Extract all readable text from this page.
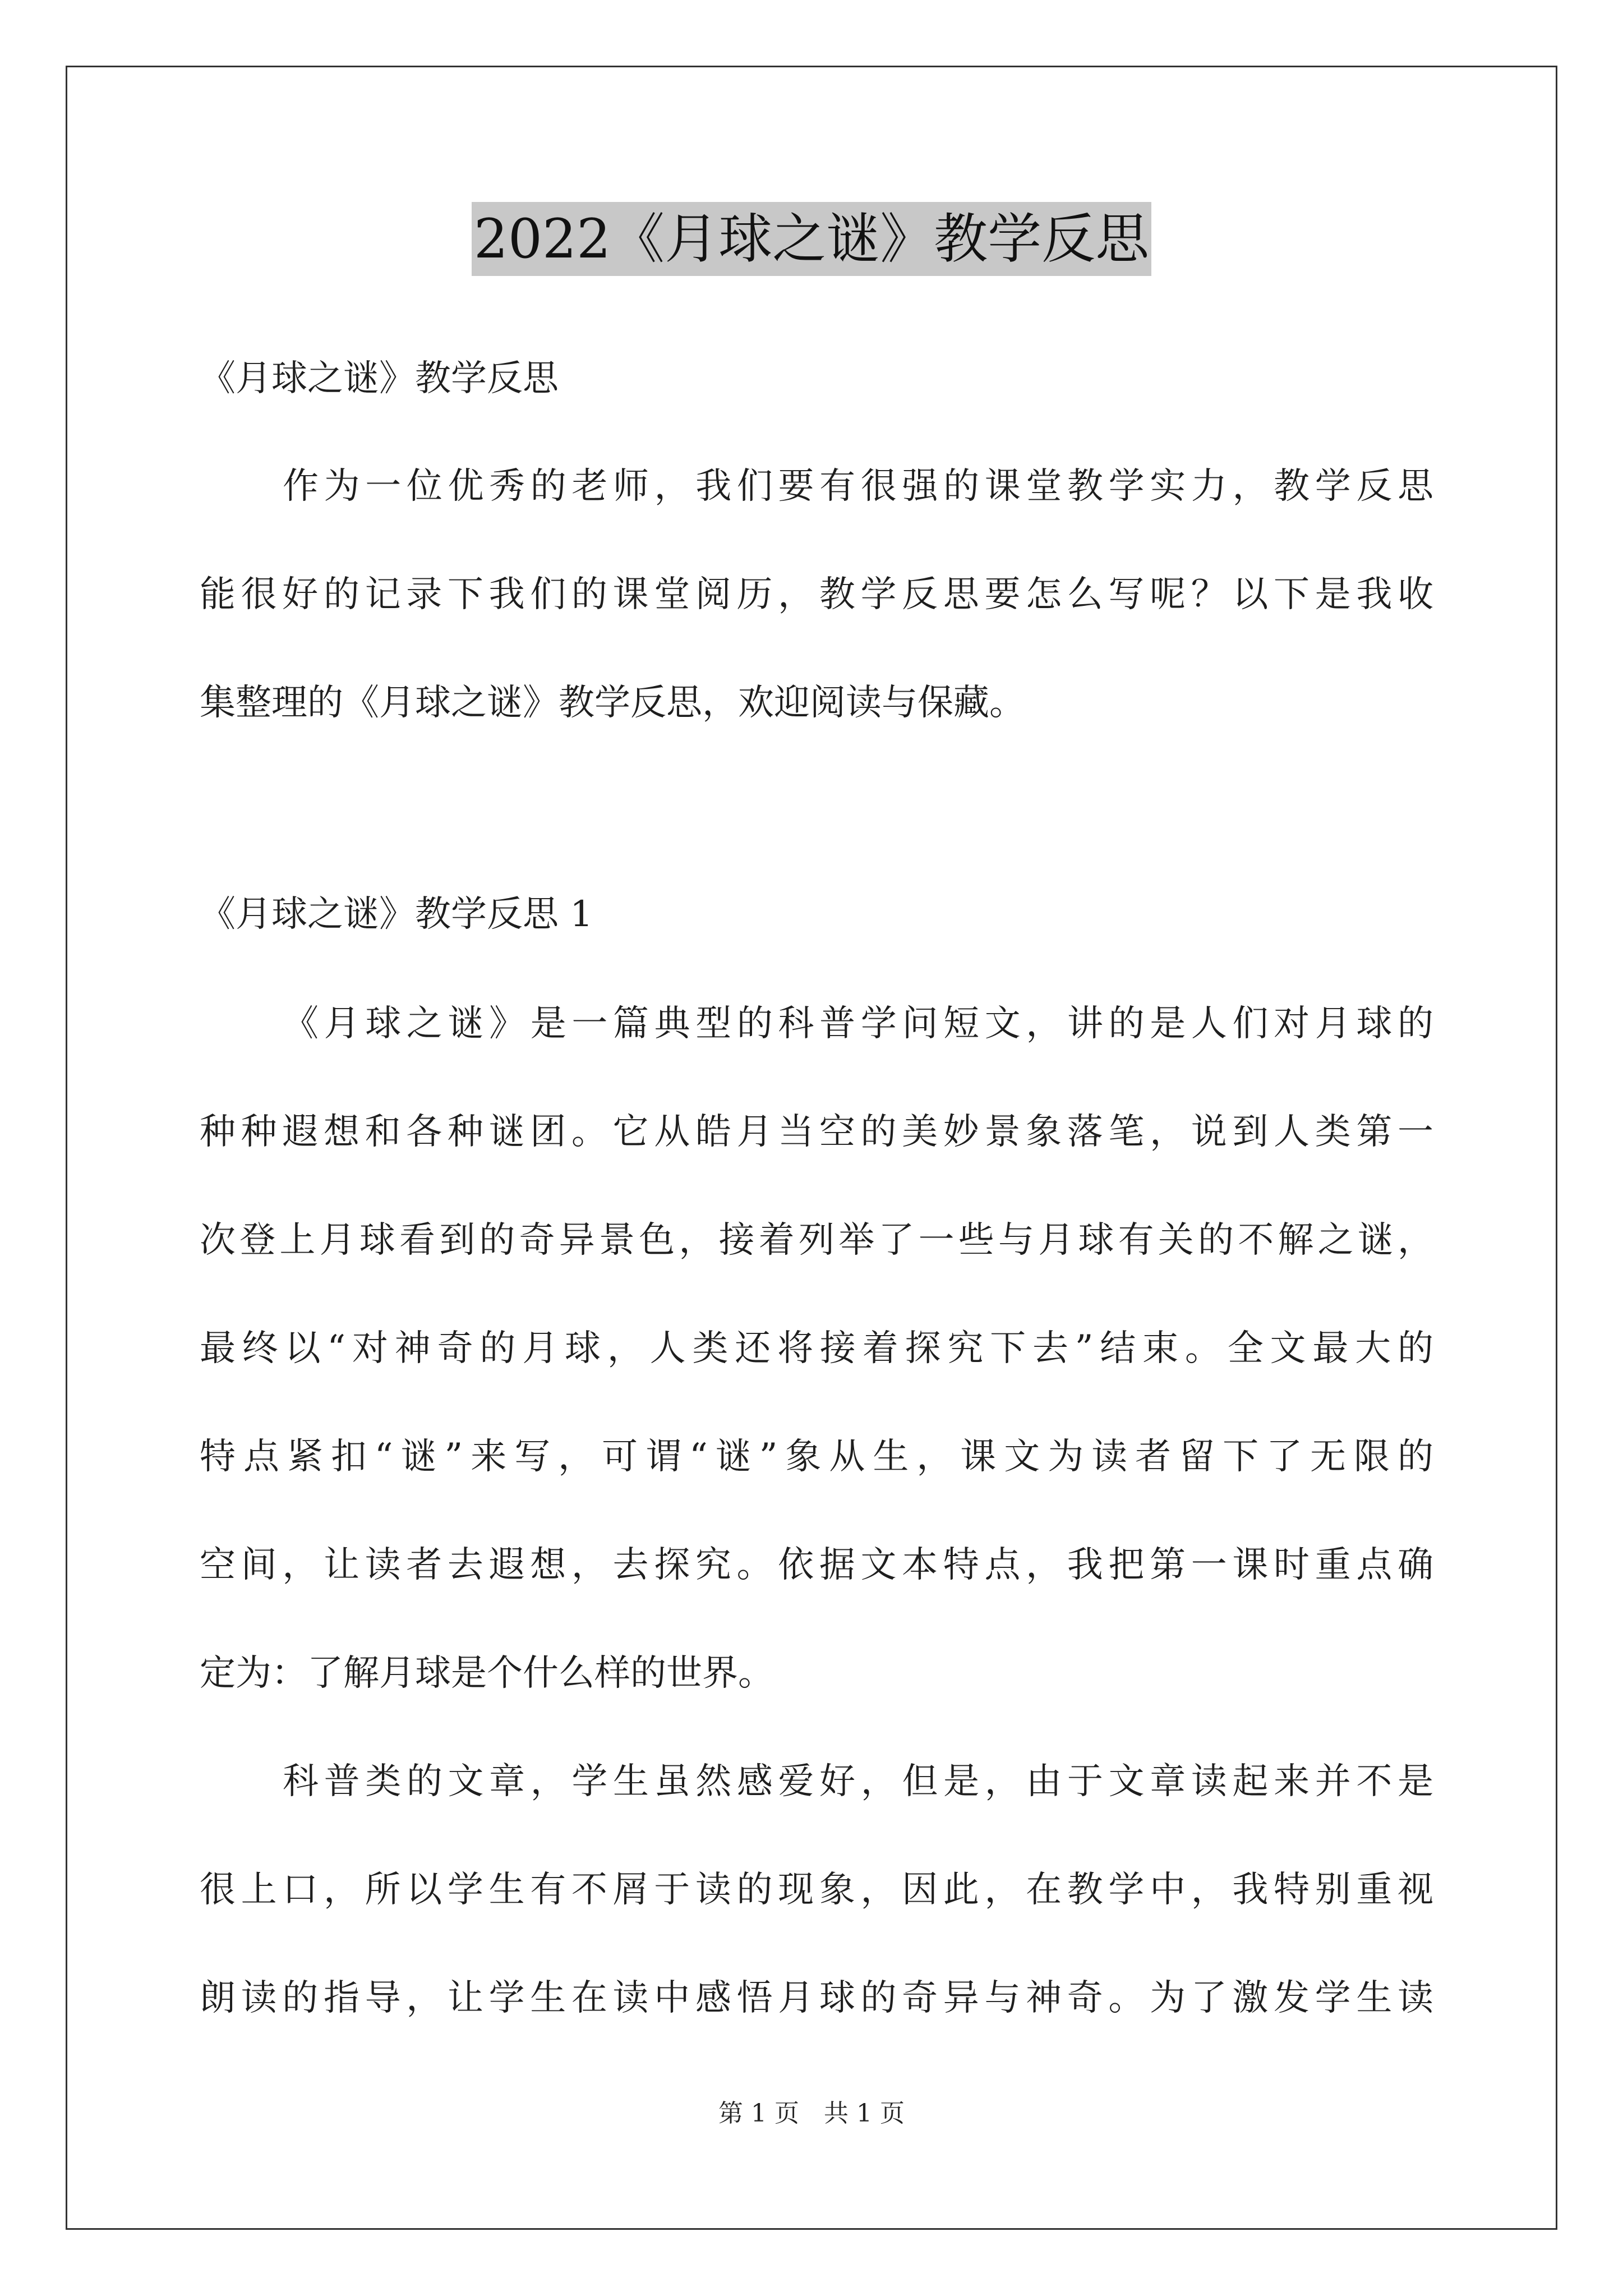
2022《月球之谜》教学反思
《月球之谜》教学反思
作为一位优秀的老师，我们要有很强的课堂教学实力，教学反思
能很好的记录下我们的课堂阅历，教学反思要怎么写呢？以下是我收
集整理的《月球之谜》教学反思，欢迎阅读与保藏。
《月球之谜》教学反思 1
《月球之谜》是一篇典型的科普学问短文，讲的是人们对月球的
种种遐想和各种谜团。它从皓月当空的美妙景象落笔，说到人类第一
次登上月球看到的奇异景色，接着列举了一些与月球有关的不解之谜，
最终以“对神奇的月球，人类还将接着探究下去”结束。全文最大的
特点紧扣“谜”来写，可谓“谜”象从生，课文为读者留下了无限的
空间，让读者去遐想，去探究。依据文本特点，我把第一课时重点确
定为：了解月球是个什么样的世界。
科普类的文章，学生虽然感爱好，但是，由于文章读起来并不是
很上口，所以学生有不屑于读的现象，因此，在教学中，我特别重视
朗读的指导，让学生在读中感悟月球的奇异与神奇。为了激发学生读
第 1 页　共 1 页
